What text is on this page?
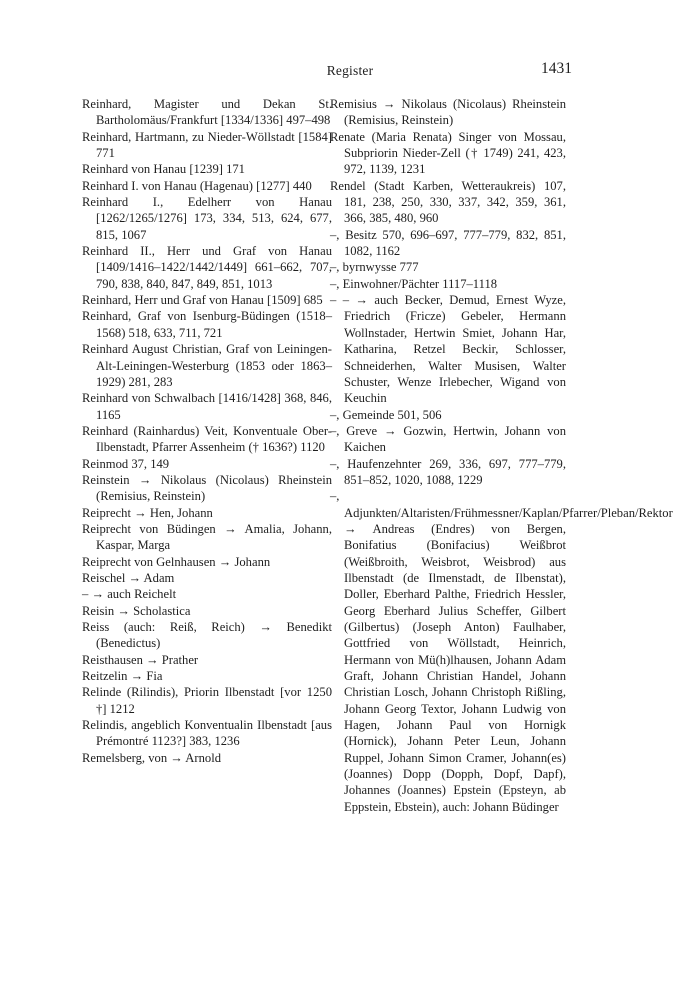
Register	1431
Reinhard, Magister und Dekan St. Bartholomäus/Frankfurt [1334/1336] 497–498
Reinhard, Hartmann, zu Nieder-Wöllstadt [1584] 771
Reinhard von Hanau [1239] 171
Reinhard I. von Hanau (Hagenau) [1277] 440
Reinhard I., Edelherr von Hanau [1262/1265/1276] 173, 334, 513, 624, 677, 815, 1067
Reinhard II., Herr und Graf von Hanau [1409/1416–1422/1442/1449] 661–662, 707, 790, 838, 840, 847, 849, 851, 1013
Reinhard, Herr und Graf von Hanau [1509] 685
Reinhard, Graf von Isenburg-Büdingen (1518–1568) 518, 633, 711, 721
Reinhard August Christian, Graf von Leiningen-Alt-Leiningen-Westerburg (1853 oder 1863–1929) 281, 283
Reinhard von Schwalbach [1416/1428] 368, 846, 1165
Reinhard (Rainhardus) Veit, Konventuale Ober-Ilbenstadt, Pfarrer Assenheim († 1636?) 1120
Reinmod 37, 149
Reinstein → Nikolaus (Nicolaus) Rheinstein (Remisius, Reinstein)
Reiprecht → Hen, Johann
Reiprecht von Büdingen → Amalia, Johann, Kaspar, Marga
Reiprecht von Gelnhausen → Johann
Reischel → Adam
– → auch Reichelt
Reisin → Scholastica
Reiss (auch: Reiß, Reich) → Benedikt (Benedictus)
Reisthausen → Prather
Reitzelin → Fia
Relinde (Rilindis), Priorin Ilbenstadt [vor 1250 †] 1212
Relindis, angeblich Konventualin Ilbenstadt [aus Prémontré 1123?] 383, 1236
Remelsberg, von → Arnold
Remisius → Nikolaus (Nicolaus) Rheinstein (Remisius, Reinstein)
Renate (Maria Renata) Singer von Mossau, Subpriorin Nieder-Zell († 1749) 241, 423, 972, 1139, 1231
Rendel (Stadt Karben, Wetteraukreis) 107, 181, 238, 250, 330, 337, 342, 359, 361, 366, 385, 480, 960
–, Besitz 570, 696–697, 777–779, 832, 851, 1082, 1162
–, byrnwysse 777
–, Einwohner/Pächter 1117–1118
– – → auch Becker, Demud, Ernest Wyze, Friedrich (Fricze) Gebeler, Hermann Wollnstader, Hertwin Smiet, Johann Har, Katharina, Retzel Beckir, Schlosser, Schneiderhen, Walter Musisen, Walter Schuster, Wenze Irlebecher, Wigand von Keuchin
–, Gemeinde 501, 506
–, Greve → Gozwin, Hertwin, Johann von Kaichen
–, Haufenzehnter 269, 336, 697, 777–779, 851–852, 1020, 1088, 1229
–, Adjunkten/Altaristen/Frühmessner/Kaplan/Pfarrer/Pleban/Rektor → Andreas (Endres) von Bergen, Bonifatius (Bonifacius) Weißbrot (Weißbroith, Weisbrot, Weisbrod) aus Ilbenstadt (de Ilmenstadt, de Ilbenstat), Doller, Eberhard Palthe, Friedrich Hessler, Georg Eberhard Julius Scheffer, Gilbert (Gilbertus) (Joseph Anton) Faulhaber, Gottfried von Wöllstadt, Heinrich, Hermann von Mü(h)lhausen, Johann Adam Graft, Johann Christian Handel, Johann Christian Losch, Johann Christoph Rißling, Johann Georg Textor, Johann Ludwig von Hagen, Johann Paul von Hornigk (Hornick), Johann Peter Leun, Johann Ruppel, Johann Simon Cramer, Johann(es) (Joannes) Dopp (Dopph, Dopf, Dapf), Johannes (Joannes) Epstein (Epsteyn, ab Eppstein, Ebstein), auch: Johann Büdinger
